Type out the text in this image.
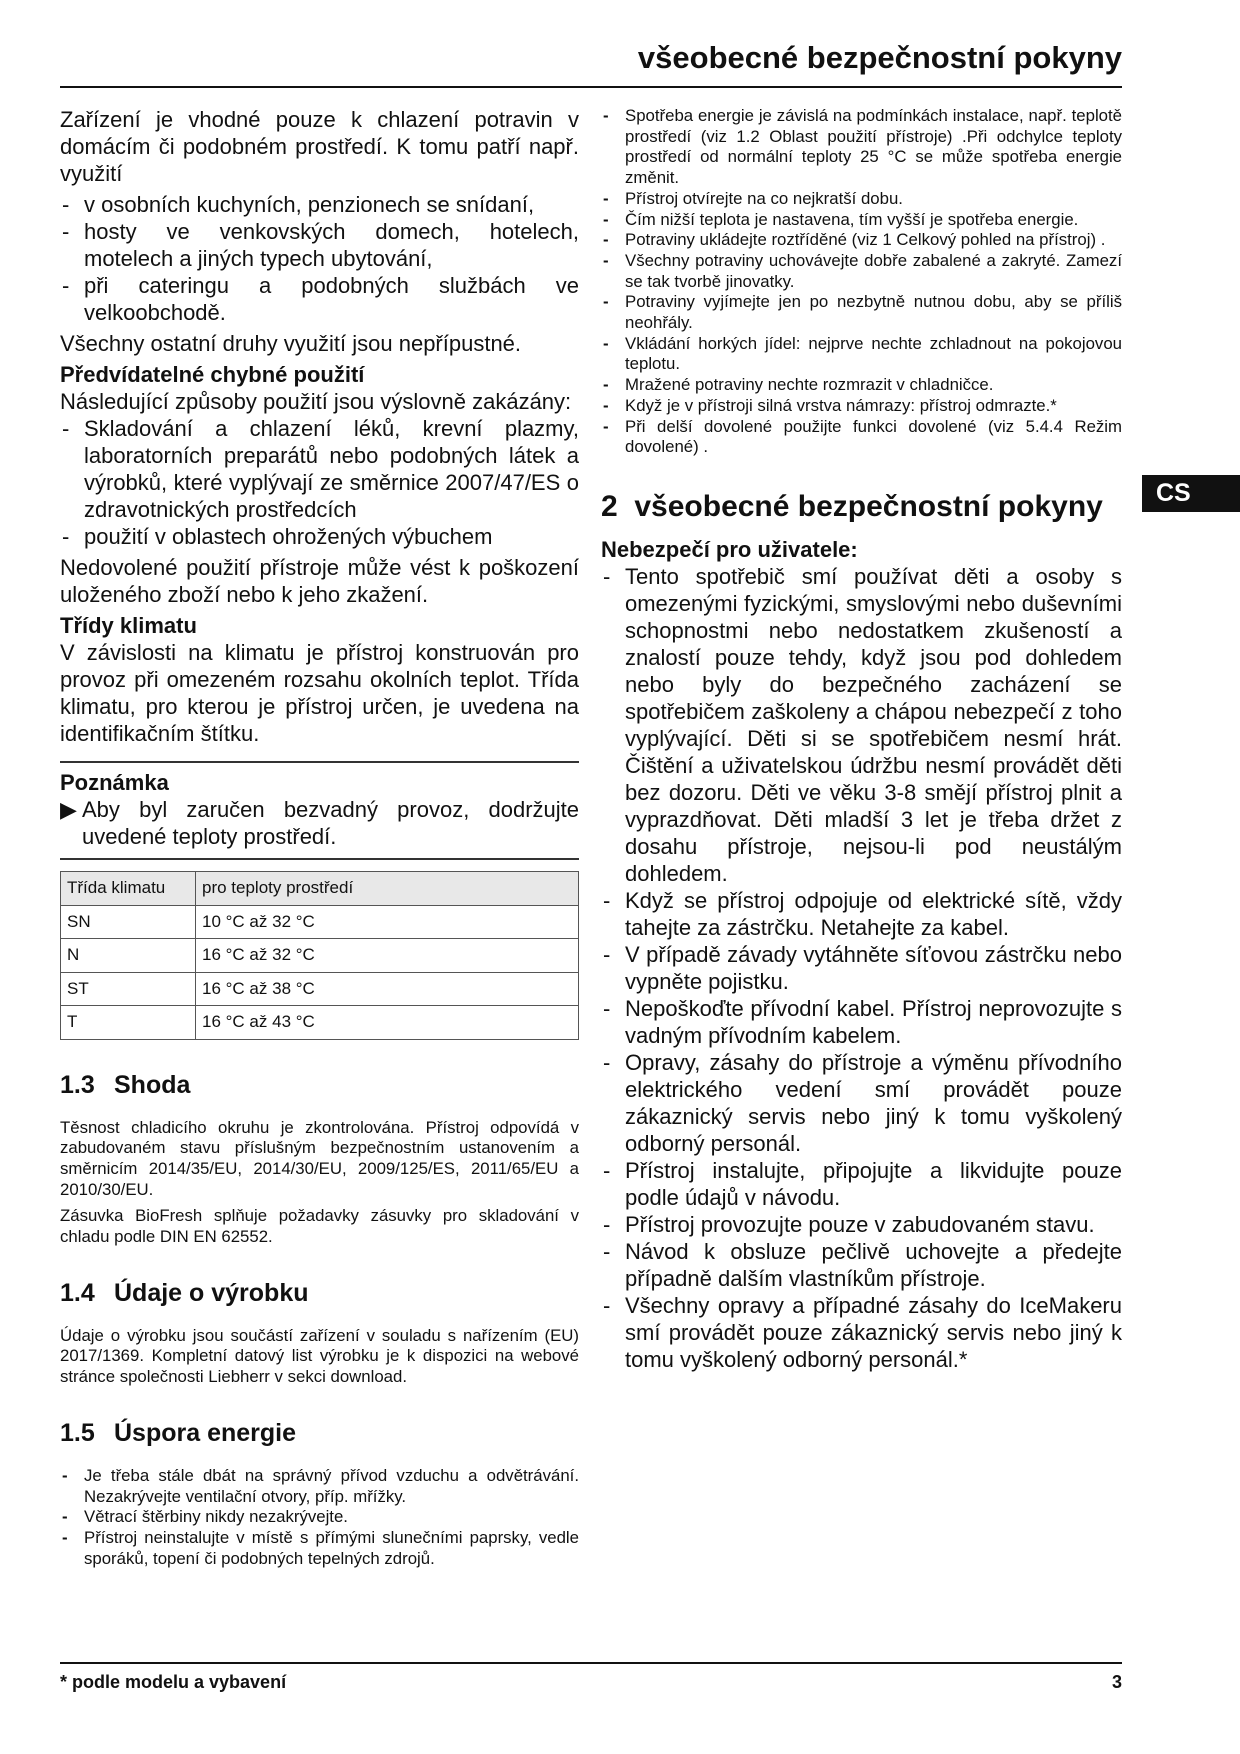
všeobecné bezpečnostní pokyny
CS

Zařízení je vhodné pouze k chlazení potravin v domácím či podobném prostředí. K tomu patří např. využití

- v osobních kuchyních, penzionech se snídaní,
- hosty ve venkovských domech, hotelech, motelech a jiných typech ubytování,
- při cateringu a podobných službách ve velkoobchodě.

Všechny ostatní druhy využití jsou nepřípustné.

Předvídatelné chybné použití

Následující způsoby použití jsou výslovně zakázány:

- Skladování a chlazení léků, krevní plazmy, laboratorních preparátů nebo podobných látek a výrobků, které vyplývají ze směrnice 2007/47/ES o zdravotnických prostředcích
- použití v oblastech ohrožených výbuchem

Nedovolené použití přístroje může vést k poškození uloženého zboží nebo k jeho zkažení.

Třídy klimatu

V závislosti na klimatu je přístroj konstruován pro provoz při omezeném rozsahu okolních teplot. Třída klimatu, pro kterou je přístroj určen, je uvedena na identifikačním štítku.

Poznámka

▶ Aby byl zaručen bezvadný provoz, dodržujte uvedené teploty prostředí.

Třída klimatu	pro teploty prostředí
SN	10 °C až 32 °C
N	16 °C až 32 °C
ST	16 °C až 38 °C
T	16 °C až 43 °C
1.3 Shoda

Těsnost chladicího okruhu je zkontrolována. Přístroj odpovídá v zabudovaném stavu příslušným bezpečnostním ustanovením a směrnicím 2014/35/EU, 2014/30/EU, 2009/125/ES, 2011/65/EU a 2010/30/EU.

Zásuvka BioFresh splňuje požadavky zásuvky pro skladování v chladu podle DIN EN 62552.

1.4 Údaje o výrobku

Údaje o výrobku jsou součástí zařízení v souladu s nařízením (EU) 2017/1369. Kompletní datový list výrobku je k dispozici na webové stránce společnosti Liebherr v sekci download.

1.5 Úspora energie
- Je třeba stále dbát na správný přívod vzduchu a odvětrávání. Nezakrývejte ventilační otvory, příp. mřížky.
- Větrací štěrbiny nikdy nezakrývejte.
- Přístroj neinstalujte v místě s přímými slunečními paprsky, vedle sporáků, topení či podobných tepelných zdrojů.
- Spotřeba energie je závislá na podmínkách instalace, např. teplotě prostředí (viz 1.2 Oblast použití přístroje) .Při odchylce teploty prostředí od normální teploty 25 °C se může spotřeba energie změnit.
- Přístroj otvírejte na co nejkratší dobu.
- Čím nižší teplota je nastavena, tím vyšší je spotřeba energie.
- Potraviny ukládejte roztříděné (viz 1 Celkový pohled na přístroj) .
- Všechny potraviny uchovávejte dobře zabalené a zakryté. Zamezí se tak tvorbě jinovatky.
- Potraviny vyjímejte jen po nezbytně nutnou dobu, aby se příliš neohřály.
- Vkládání horkých jídel: nejprve nechte zchladnout na pokojovou teplotu.
- Mražené potraviny nechte rozmrazit v chladničce.
- Když je v přístroji silná vrstva námrazy: přístroj odmrazte.*
- Při delší dovolené použijte funkci dovolené (viz 5.4.4 Režim dovolené) .
2 všeobecné bezpečnostní pokyny

Nebezpečí pro uživatele:

- Tento spotřebič smí používat děti a osoby s omezenými fyzickými, smyslovými nebo duševními schopnostmi nebo nedostatkem zkušeností a znalostí pouze tehdy, když jsou pod dohledem nebo byly do bezpečného zacházení se spotřebičem zaškoleny a chápou nebezpečí z toho vyplývající. Děti si se spotřebičem nesmí hrát. Čištění a uživatelskou údržbu nesmí provádět děti bez dozoru. Děti ve věku 3-8 smějí přístroj plnit a vyprazdňovat. Děti mladší 3 let je třeba držet z dosahu přístroje, nejsou-li pod neustálým dohledem.
- Když se přístroj odpojuje od elektrické sítě, vždy tahejte za zástrčku. Netahejte za kabel.
- V případě závady vytáhněte síťovou zástrčku nebo vypněte pojistku.
- Nepoškoďte přívodní kabel. Přístroj neprovozujte s vadným přívodním kabelem.
- Opravy, zásahy do přístroje a výměnu přívodního elektrického vedení smí provádět pouze zákaznický servis nebo jiný k tomu vyškolený odborný personál.
- Přístroj instalujte, připojujte a likvidujte pouze podle údajů v návodu.
- Přístroj provozujte pouze v zabudovaném stavu.
- Návod k obsluze pečlivě uchovejte a předejte případně dalším vlastníkům přístroje.
- Všechny opravy a případné zásahy do IceMakeru smí provádět pouze zákaznický servis nebo jiný k tomu vyškolený odborný personál.*
* podle modelu a vybavení	3
